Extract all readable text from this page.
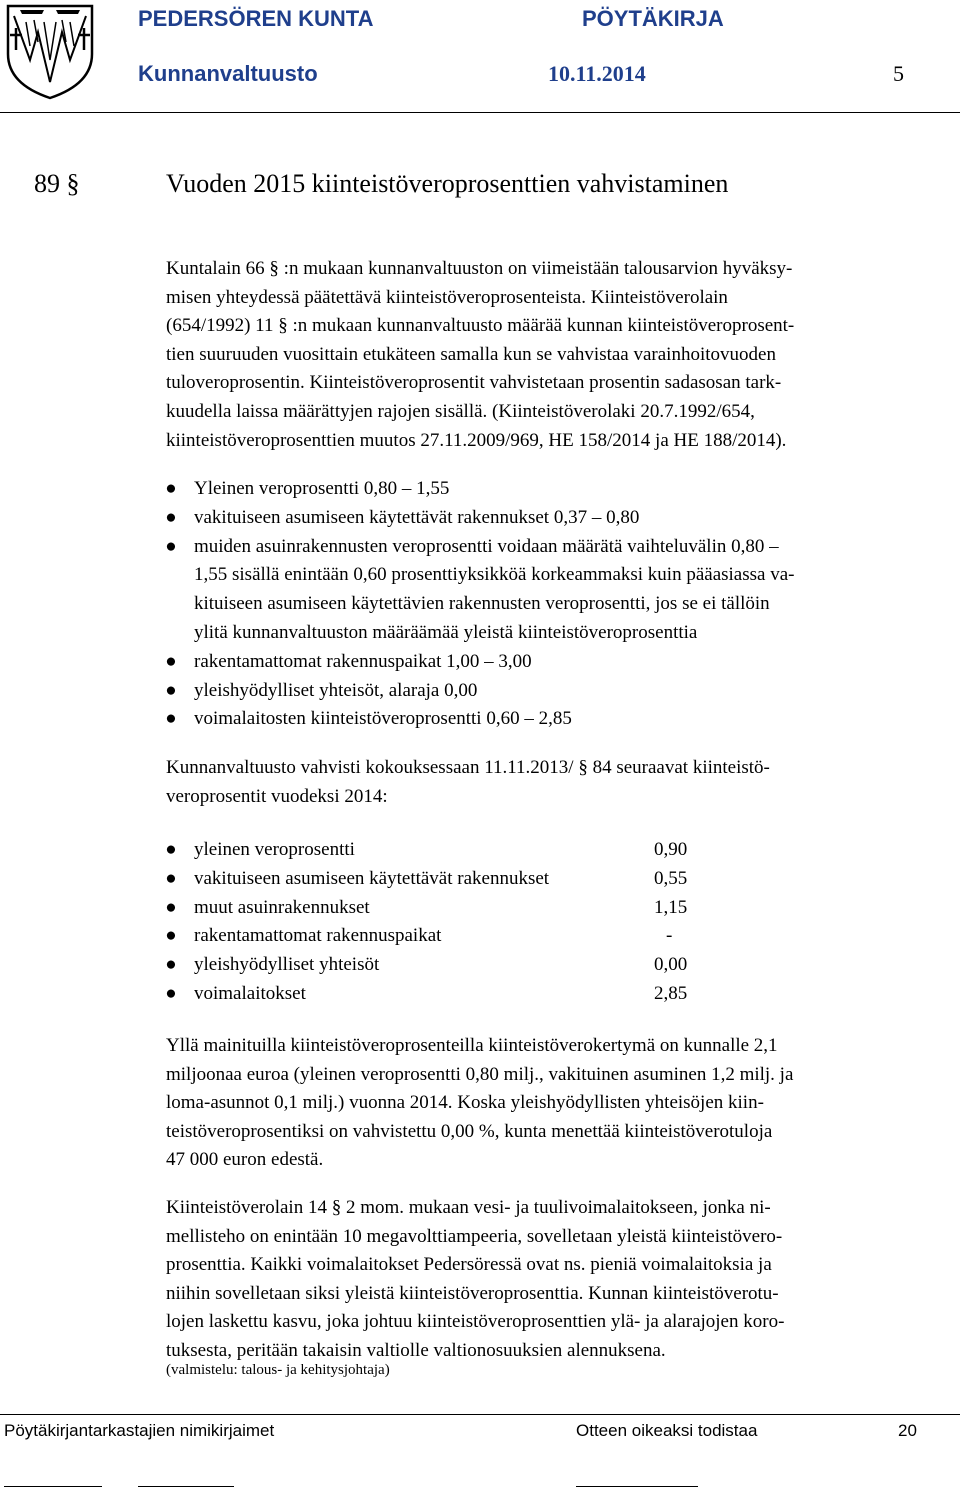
PEDERSÖREN KUNTA	PÖYTÄKIRJA
Kunnanvaltuusto	10.11.2014	5
89 §	Vuoden 2015 kiinteistöveroprosenttien vahvistaminen
Kuntalain 66 § :n mukaan kunnanvaltuuston on viimeistään talousarvion hyväksy-
misen yhteydessä päätettävä kiinteistöveroprosenteista. Kiinteistöverolain
(654/1992) 11 § :n mukaan kunnanvaltuusto määrää kunnan kiinteistöveroprosent-
tien suuruuden vuosittain etukäteen samalla kun se vahvistaa varainhoitovuoden
tuloveroprosentin. Kiinteistöveroprosentit vahvistetaan prosentin sadasosan tark-
kuudella laissa määrättyjen rajojen sisällä. (Kiinteistöverolaki 20.7.1992/654,
kiinteistöveroprosenttien muutos 27.11.2009/969, HE 158/2014 ja HE 188/2014).
● Yleinen veroprosentti 0,80 – 1,55
● vakituiseen asumiseen käytettävät rakennukset 0,37 – 0,80
● muiden asuinrakennusten veroprosentti voidaan määrätä vaihteluvälin 0,80 –
1,55 sisällä enintään 0,60 prosenttiyksikköä korkeammaksi kuin pääasiassa va-
kituiseen asumiseen käytettävien rakennusten veroprosentti, jos se ei tällöin
ylitä kunnanvaltuuston määräämää yleistä kiinteistöveroprosenttia
● rakentamattomat rakennuspaikat 1,00 – 3,00
● yleishyödylliset yhteisöt, alaraja 0,00
● voimalaitosten kiinteistöveroprosentti 0,60 – 2,85
Kunnanvaltuusto vahvisti kokouksessaan 11.11.2013/ § 84 seuraavat kiinteistö-
veroprosentit vuodeksi 2014:
● yleinen veroprosentti	0,90
● vakituiseen asumiseen käytettävät rakennukset	0,55
● muut asuinrakennukset	1,15
● rakentamattomat rakennuspaikat	-
● yleishyödylliset yhteisöt	0,00
● voimalaitokset	2,85
Yllä mainituilla kiinteistöveroprosenteilla kiinteistöverokertymä on kunnalle 2,1
miljoonaa euroa (yleinen veroprosentti 0,80 milj., vakituinen asuminen 1,2 milj. ja
loma-asunnot 0,1 milj.) vuonna 2014. Koska yleishyödyllisten yhteisöjen kiin-
teistöveroprosentiksi on vahvistettu 0,00 %, kunta menettää kiinteistöverotuloja
47 000 euron edestä.
Kiinteistöverolain 14 § 2 mom. mukaan vesi- ja tuulivoimalaitokseen, jonka ni-
mellisteho on enintään 10 megavolttiampeeria, sovelletaan yleistä kiinteistövero-
prosenttia. Kaikki voimalaitokset Pedersöressä ovat ns. pieniä voimalaitoksia ja
niihin sovelletaan siksi yleistä kiinteistöveroprosenttia. Kunnan kiinteistöverotu-
lojen laskettu kasvu, joka johtuu kiinteistöveroprosenttien ylä- ja alarajojen koro-
tuksesta, peritään takaisin valtiolle valtionosuuksien alennuksena.
(valmistelu: talous- ja kehitysjohtaja)
Pöytäkirjantarkastajien nimikirjaimet	Otteen oikeaksi todistaa	20
